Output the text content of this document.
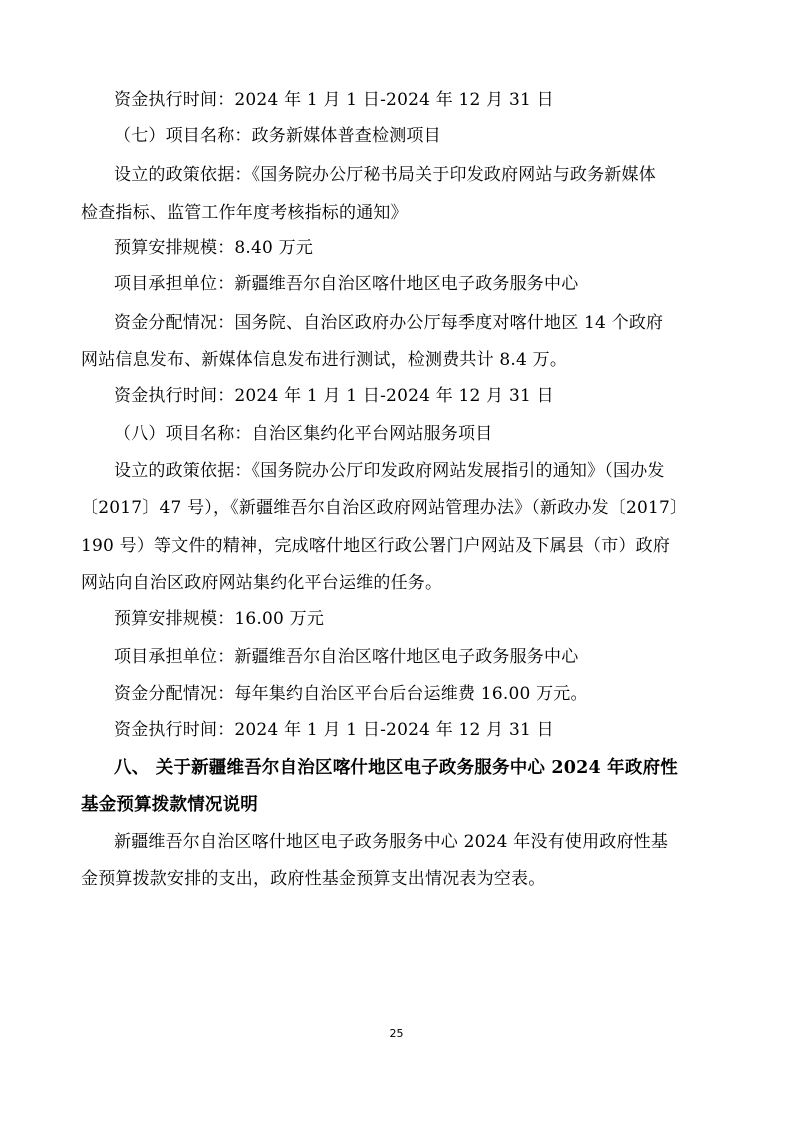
资金执行时间：2024 年 1 月 1 日-2024 年 12 月 31 日
（七）项目名称：政务新媒体普查检测项目
设立的政策依据：《国务院办公厅秘书局关于印发政府网站与政务新媒体
检查指标、监管工作年度考核指标的通知》
预算安排规模：8.40 万元
项目承担单位：新疆维吾尔自治区喀什地区电子政务服务中心
资金分配情况：国务院、自治区政府办公厅每季度对喀什地区 14 个政府
网站信息发布、新媒体信息发布进行测试，检测费共计 8.4 万。
资金执行时间：2024 年 1 月 1 日-2024 年 12 月 31 日
（八）项目名称：自治区集约化平台网站服务项目
设立的政策依据：《国务院办公厅印发政府网站发展指引的通知》（国办发
〔2017〕47 号），《新疆维吾尔自治区政府网站管理办法》（新政办发〔2017〕
190 号）等文件的精神，完成喀什地区行政公署门户网站及下属县（市）政府
网站向自治区政府网站集约化平台运维的任务。
预算安排规模：16.00 万元
项目承担单位：新疆维吾尔自治区喀什地区电子政务服务中心
资金分配情况：每年集约自治区平台后台运维费 16.00 万元。
资金执行时间：2024 年 1 月 1 日-2024 年 12 月 31 日
八、 关于新疆维吾尔自治区喀什地区电子政务服务中心 2024 年政府性
基金预算拨款情况说明
新疆维吾尔自治区喀什地区电子政务服务中心 2024 年没有使用政府性基
金预算拨款安排的支出，政府性基金预算支出情况表为空表。
25
